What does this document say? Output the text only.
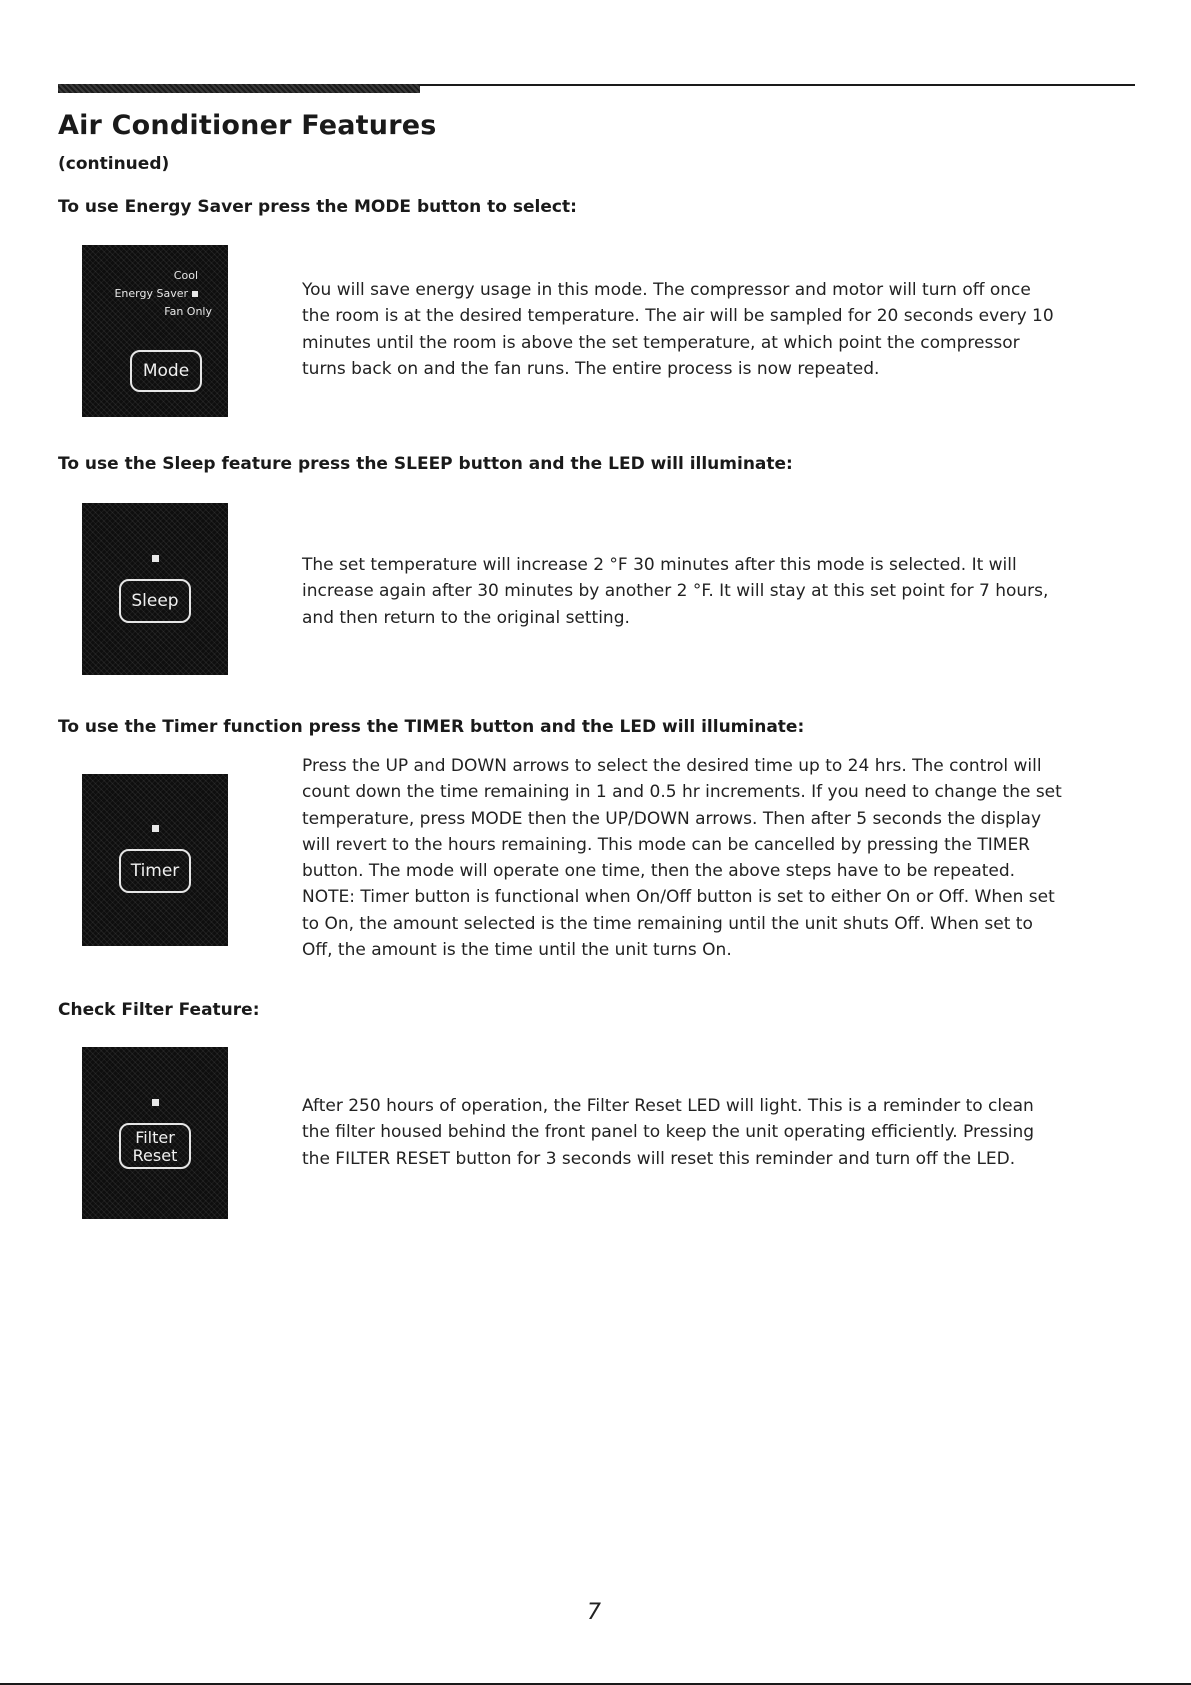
Air Conditioner Features

(continued)

To use Energy Saver press the MODE button to select:

Cool
Energy Saver
Fan Only
Mode

You will save energy usage in this mode. The compressor and motor will turn off once the room is at the desired temperature. The air will be sampled for 20 seconds every 10 minutes until the room is above the set temperature, at which point the compressor turns back on and the fan runs. The entire process is now repeated.

To use the Sleep feature press the SLEEP button and the LED will illuminate:

Sleep

The set temperature will increase 2 °F 30 minutes after this mode is selected. It will increase again after 30 minutes by another 2 °F. It will stay at this set point for 7 hours, and then return to the original setting.

To use the Timer function press the TIMER button and the LED will illuminate:

Timer

Press the UP and DOWN arrows to select the desired time up to 24 hrs. The control will count down the time remaining in 1 and 0.5 hr increments. If you need to change the set temperature, press MODE then the UP/DOWN arrows. Then after 5 seconds the display will revert to the hours remaining. This mode can be cancelled by pressing the TIMER button. The mode will operate one time, then the above steps have to be repeated. NOTE: Timer button is functional when On/Off button is set to either On or Off. When set to On, the amount selected is the time remaining until the unit shuts Off. When set to Off, the amount is the time until the unit turns On.

Check Filter Feature:

Filter
Reset

After 250 hours of operation, the Filter Reset LED will light. This is a reminder to clean the filter housed behind the front panel to keep the unit operating efficiently. Pressing the FILTER RESET button for 3 seconds will reset this reminder and turn off the LED.

7
